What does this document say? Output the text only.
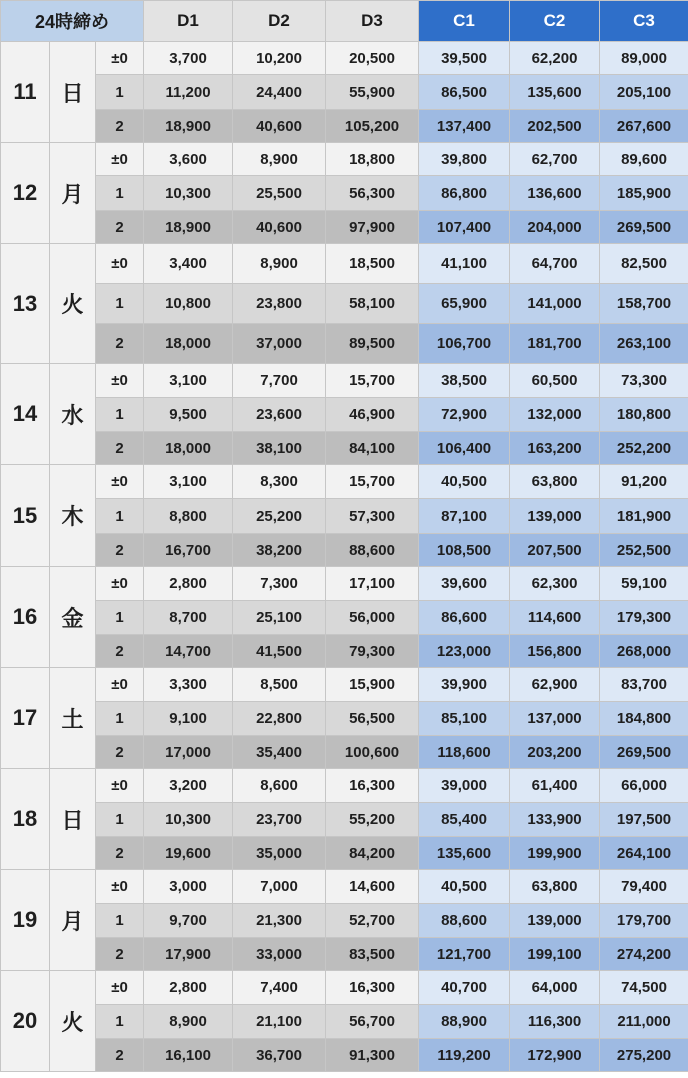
24時締め			D1	D2	D3	C1	C2	C3
11	日	±0	3,700	10,200	20,500	39,500	62,200	89,000
		1	11,200	24,400	55,900	86,500	135,600	205,100
		2	18,900	40,600	105,200	137,400	202,500	267,600
12	月	±0	3,600	8,900	18,800	39,800	62,700	89,600
		1	10,300	25,500	56,300	86,800	136,600	185,900
		2	18,900	40,600	97,900	107,400	204,000	269,500
13	火	±0	3,400	8,900	18,500	41,100	64,700	82,500
		1	10,800	23,800	58,100	65,900	141,000	158,700
		2	18,000	37,000	89,500	106,700	181,700	263,100
14	水	±0	3,100	7,700	15,700	38,500	60,500	73,300
		1	9,500	23,600	46,900	72,900	132,000	180,800
		2	18,000	38,100	84,100	106,400	163,200	252,200
15	木	±0	3,100	8,300	15,700	40,500	63,800	91,200
		1	8,800	25,200	57,300	87,100	139,000	181,900
		2	16,700	38,200	88,600	108,500	207,500	252,500
16	金	±0	2,800	7,300	17,100	39,600	62,300	59,100
		1	8,700	25,100	56,000	86,600	114,600	179,300
		2	14,700	41,500	79,300	123,000	156,800	268,000
17	土	±0	3,300	8,500	15,900	39,900	62,900	83,700
		1	9,100	22,800	56,500	85,100	137,000	184,800
		2	17,000	35,400	100,600	118,600	203,200	269,500
18	日	±0	3,200	8,600	16,300	39,000	61,400	66,000
		1	10,300	23,700	55,200	85,400	133,900	197,500
		2	19,600	35,000	84,200	135,600	199,900	264,100
19	月	±0	3,000	7,000	14,600	40,500	63,800	79,400
		1	9,700	21,300	52,700	88,600	139,000	179,700
		2	17,900	33,000	83,500	121,700	199,100	274,200
20	火	±0	2,800	7,400	16,300	40,700	64,000	74,500
		1	8,900	21,100	56,700	88,900	116,300	211,000
		2	16,100	36,700	91,300	119,200	172,900	275,200
